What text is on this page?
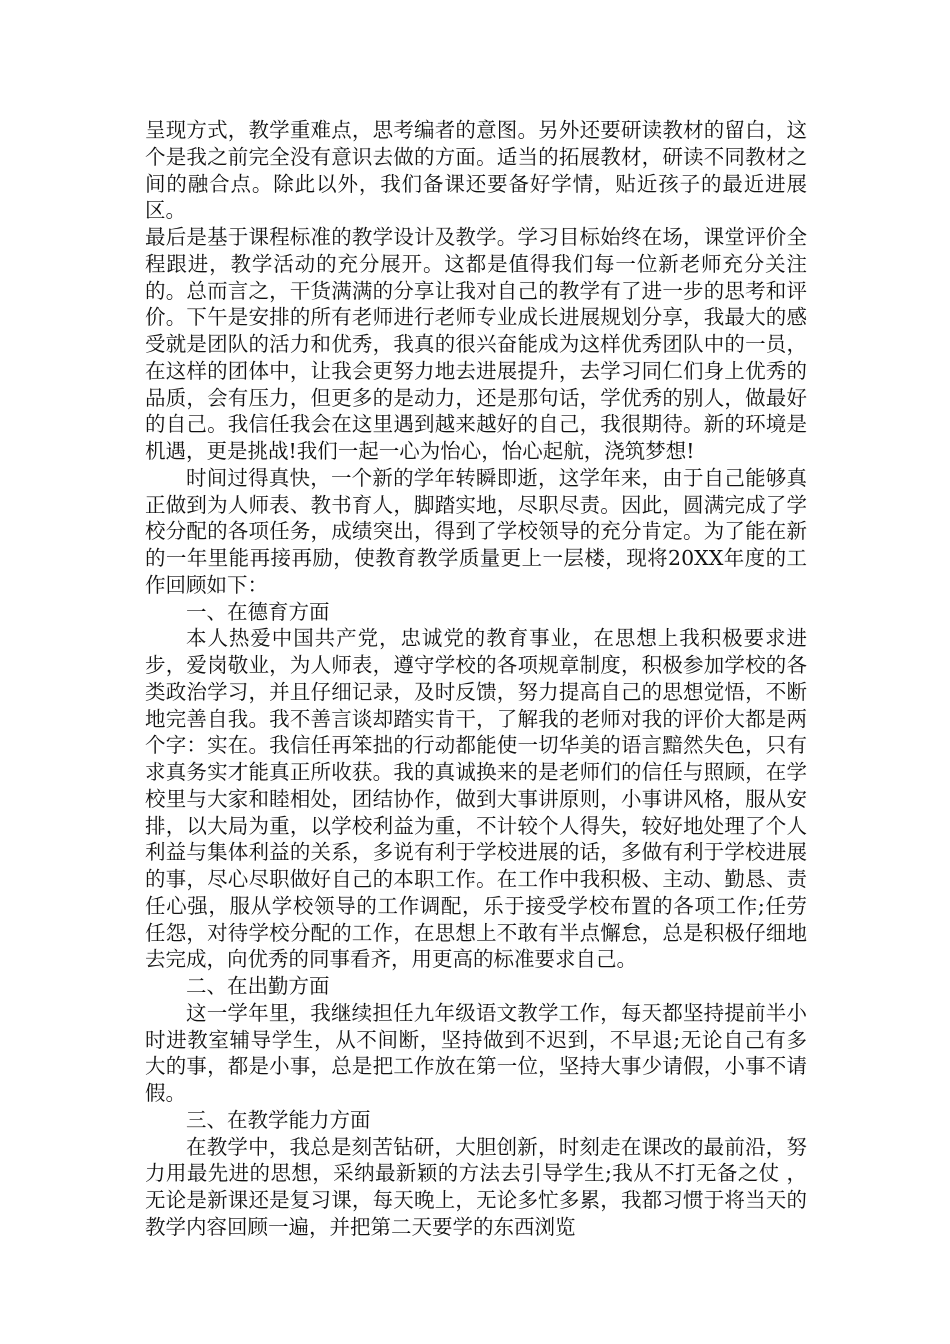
呈现方式，教学重难点，思考编者的意图。另外还要研读教材的留白，这个是我之前完全没有意识去做的方面。适当的拓展教材，研读不同教材之间的融合点。除此以外，我们备课还要备好学情，贴近孩子的最近进展区。

最后是基于课程标准的教学设计及教学。学习目标始终在场，课堂评价全程跟进，教学活动的充分展开。这都是值得我们每一位新老师充分关注的。总而言之，干货满满的分享让我对自己的教学有了进一步的思考和评价。下午是安排的所有老师进行老师专业成长进展规划分享，我最大的感受就是团队的活力和优秀，我真的很兴奋能成为这样优秀团队中的一员，在这样的团体中，让我会更努力地去进展提升，去学习同仁们身上优秀的品质，会有压力，但更多的是动力，还是那句话，学优秀的别人，做最好的自己。我信任我会在这里遇到越来越好的自己，我很期待。新的环境是机遇，更是挑战!我们一起一心为怡心，怡心起航，浇筑梦想!

时间过得真快，一个新的学年转瞬即逝，这学年来，由于自己能够真正做到为人师表、教书育人，脚踏实地，尽职尽责。因此，圆满完成了学校分配的各项任务，成绩突出，得到了学校领导的充分肯定。为了能在新的一年里能再接再励，使教育教学质量更上一层楼，现将20XX年度的工作回顾如下：

一、在德育方面

本人热爱中国共产党，忠诚党的教育事业，在思想上我积极要求进步，爱岗敬业，为人师表，遵守学校的各项规章制度，积极参加学校的各类政治学习，并且仔细记录，及时反馈，努力提高自己的思想觉悟，不断地完善自我。我不善言谈却踏实肯干，了解我的老师对我的评价大都是两个字：实在。我信任再笨拙的行动都能使一切华美的语言黯然失色，只有求真务实才能真正所收获。我的真诚换来的是老师们的信任与照顾，在学校里与大家和睦相处，团结协作，做到大事讲原则，小事讲风格，服从安排，以大局为重，以学校利益为重，不计较个人得失，较好地处理了个人利益与集体利益的关系，多说有利于学校进展的话，多做有利于学校进展的事，尽心尽职做好自己的本职工作。在工作中我积极、主动、勤恳、责任心强，服从学校领导的工作调配，乐于接受学校布置的各项工作;任劳任怨，对待学校分配的工作，在思想上不敢有半点懈怠，总是积极仔细地去完成，向优秀的同事看齐，用更高的标准要求自己。

二、在出勤方面

这一学年里，我继续担任九年级语文教学工作，每天都坚持提前半小时进教室辅导学生，从不间断，坚持做到不迟到，不早退;无论自己有多大的事，都是小事，总是把工作放在第一位，坚持大事少请假，小事不请假。

三、在教学能力方面

在教学中，我总是刻苦钻研，大胆创新，时刻走在课改的最前沿，努力用最先进的思想，采纳最新颖的方法去引导学生;我从不打无备之仗 ，无论是新课还是复习课，每天晚上，无论多忙多累，我都习惯于将当天的教学内容回顾一遍，并把第二天要学的东西浏览
